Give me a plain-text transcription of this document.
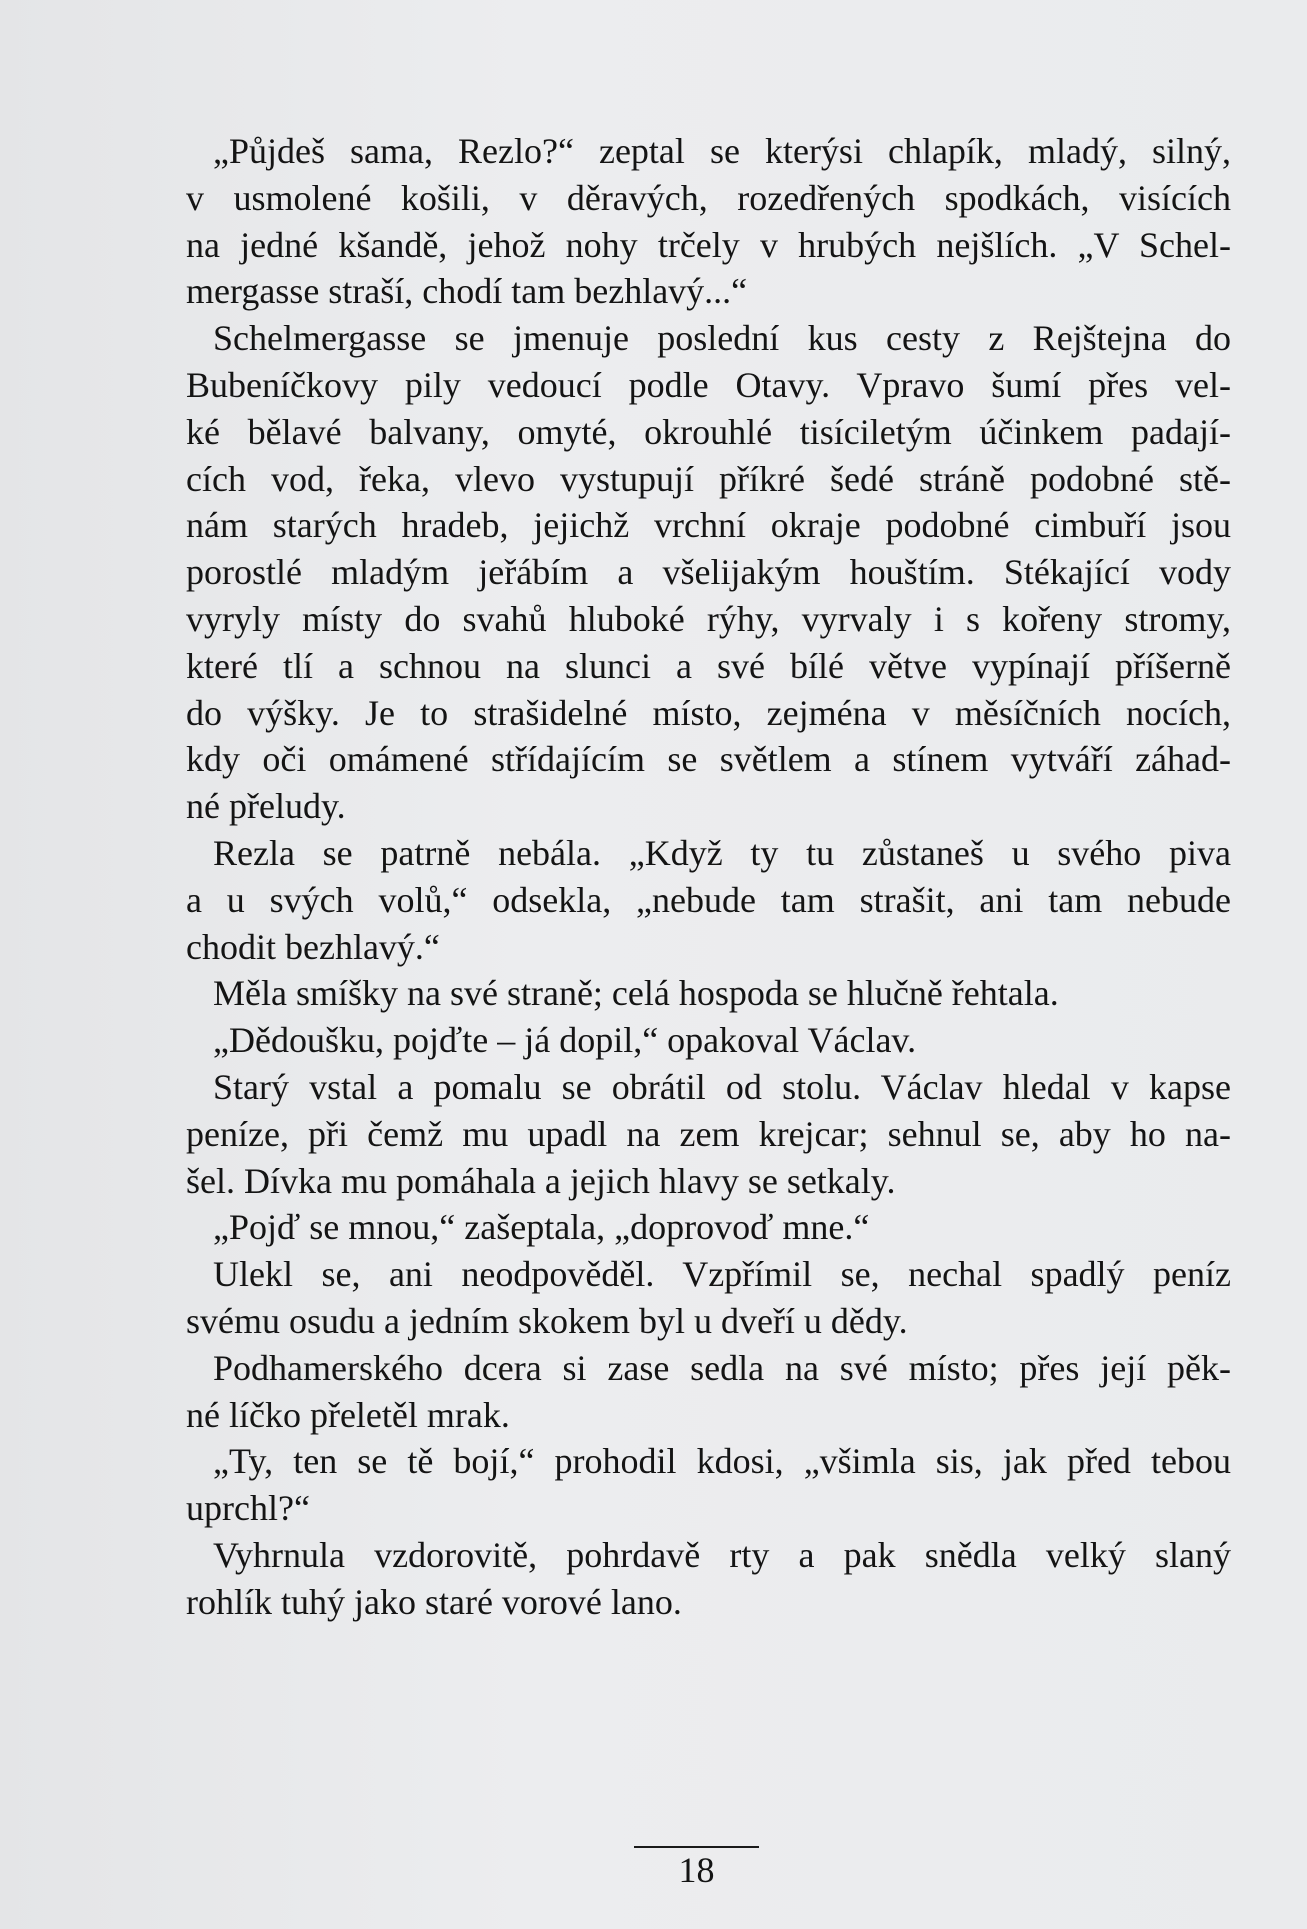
„Půjdeš sama, Rezlo?“ zeptal se kterýsi chlapík, mladý, silný,
v usmolené košili, v děravých, rozedřených spodkách, visících
na jedné kšandě, jehož nohy trčely v hrubých nejšlích. „V Schel-
mergasse straší, chodí tam bezhlavý...“

Schelmergasse se jmenuje poslední kus cesty z Rejštejna do
Bubeníčkovy pily vedoucí podle Otavy. Vpravo šumí přes vel-
ké bělavé balvany, omyté, okrouhlé tisíciletým účinkem padají-
cích vod, řeka, vlevo vystupují příkré šedé stráně podobné stě-
nám starých hradeb, jejichž vrchní okraje podobné cimbuří jsou
porostlé mladým jeřábím a všelijakým houštím. Stékající vody
vyryly místy do svahů hluboké rýhy, vyrvaly i s kořeny stromy,
které tlí a schnou na slunci a své bílé větve vypínají příšerně
do výšky. Je to strašidelné místo, zejména v měsíčních nocích,
kdy oči omámené střídajícím se světlem a stínem vytváří záhad-
né přeludy.

Rezla se patrně nebála. „Když ty tu zůstaneš u svého piva
a u svých volů,“ odsekla, „nebude tam strašit, ani tam nebude
chodit bezhlavý.“

Měla smíšky na své straně; celá hospoda se hlučně řehtala.

„Dědoušku, pojďte – já dopil,“ opakoval Václav.

Starý vstal a pomalu se obrátil od stolu. Václav hledal v kapse
peníze, při čemž mu upadl na zem krejcar; sehnul se, aby ho na-
šel. Dívka mu pomáhala a jejich hlavy se setkaly.

„Pojď se mnou,“ zašeptala, „doprovoď mne.“

Ulekl se, ani neodpověděl. Vzpřímil se, nechal spadlý peníz
svému osudu a jedním skokem byl u dveří u dědy.

Podhamerského dcera si zase sedla na své místo; přes její pěk-
né líčko přeletěl mrak.

„Ty, ten se tě bojí,“ prohodil kdosi, „všimla sis, jak před tebou
uprchl?“

Vyhrnula vzdorovitě, pohrdavě rty a pak snědla velký slaný
rohlík tuhý jako staré vorové lano.

18
